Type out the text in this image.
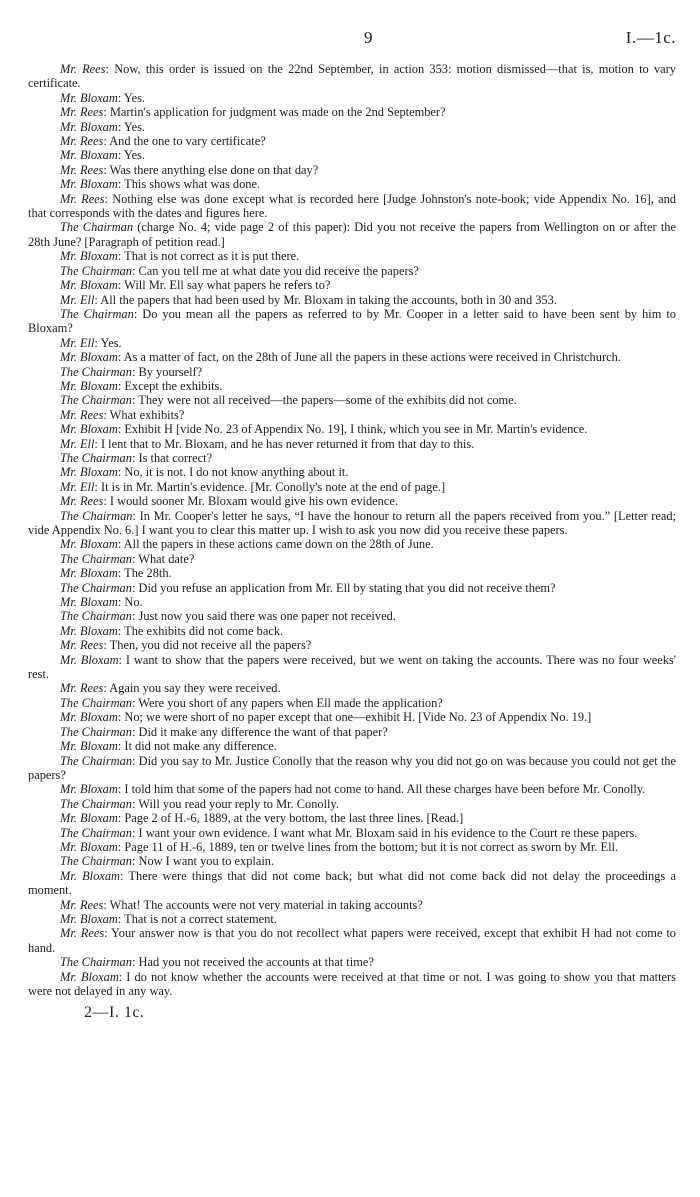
9	I.—1c.

Mr. Rees: Now, this order is issued on the 22nd September, in action 353: motion dismissed—that is, motion to vary certificate.

Mr. Bloxam: Yes.

Mr. Rees: Martin's application for judgment was made on the 2nd September?

Mr. Bloxam: Yes.

Mr. Rees: And the one to vary certificate?

Mr. Bloxam: Yes.

Mr. Rees: Was there anything else done on that day?

Mr. Bloxam: This shows what was done.

Mr. Rees: Nothing else was done except what is recorded here [Judge Johnston's note-book; vide Appendix No. 16], and that corresponds with the dates and figures here.

The Chairman (charge No. 4; vide page 2 of this paper): Did you not receive the papers from Wellington on or after the 28th June? [Paragraph of petition read.]

Mr. Bloxam: That is not correct as it is put there.

The Chairman: Can you tell me at what date you did receive the papers?

Mr. Bloxam: Will Mr. Ell say what papers he refers to?

Mr. Ell: All the papers that had been used by Mr. Bloxam in taking the accounts, both in 30 and 353.

The Chairman: Do you mean all the papers as referred to by Mr. Cooper in a letter said to have been sent by him to Bloxam?

Mr. Ell: Yes.

Mr. Bloxam: As a matter of fact, on the 28th of June all the papers in these actions were received in Christchurch.

The Chairman: By yourself?

Mr. Bloxam: Except the exhibits.

The Chairman: They were not all received—the papers—some of the exhibits did not come.

Mr. Rees: What exhibits?

Mr. Bloxam: Exhibit H [vide No. 23 of Appendix No. 19], I think, which you see in Mr. Martin's evidence.

Mr. Ell: I lent that to Mr. Bloxam, and he has never returned it from that day to this.

The Chairman: Is that correct?

Mr. Bloxam: No, it is not. I do not know anything about it.

Mr. Ell: It is in Mr. Martin's evidence. [Mr. Conolly's note at the end of page.]

Mr. Rees: I would sooner Mr. Bloxam would give his own evidence.

The Chairman: In Mr. Cooper's letter he says, “I have the honour to return all the papers received from you.” [Letter read; vide Appendix No. 6.] I want you to clear this matter up. I wish to ask you now did you receive these papers.

Mr. Bloxam: All the papers in these actions came down on the 28th of June.

The Chairman: What date?

Mr. Bloxam: The 28th.

The Chairman: Did you refuse an application from Mr. Ell by stating that you did not receive them?

Mr. Bloxam: No.

The Chairman: Just now you said there was one paper not received.

Mr. Bloxam: The exhibits did not come back.

Mr. Rees: Then, you did not receive all the papers?

Mr. Bloxam: I want to show that the papers were received, but we went on taking the accounts. There was no four weeks' rest.

Mr. Rees: Again you say they were received.

The Chairman: Were you short of any papers when Ell made the application?

Mr. Bloxam: No; we were short of no paper except that one—exhibit H. [Vide No. 23 of Appendix No. 19.]

The Chairman: Did it make any difference the want of that paper?

Mr. Bloxam: It did not make any difference.

The Chairman: Did you say to Mr. Justice Conolly that the reason why you did not go on was because you could not get the papers?

Mr. Bloxam: I told him that some of the papers had not come to hand. All these charges have been before Mr. Conolly.

The Chairman: Will you read your reply to Mr. Conolly.

Mr. Bloxam: Page 2 of H.-6, 1889, at the very bottom, the last three lines. [Read.]

The Chairman: I want your own evidence. I want what Mr. Bloxam said in his evidence to the Court re these papers.

Mr. Bloxam: Page 11 of H.-6, 1889, ten or twelve lines from the bottom; but it is not correct as sworn by Mr. Ell.

The Chairman: Now I want you to explain.

Mr. Bloxam: There were things that did not come back; but what did not come back did not delay the proceedings a moment.

Mr. Rees: What! The accounts were not very material in taking accounts?

Mr. Bloxam: That is not a correct statement.

Mr. Rees: Your answer now is that you do not recollect what papers were received, except that exhibit H had not come to hand.

The Chairman: Had you not received the accounts at that time?

Mr. Bloxam: I do not know whether the accounts were received at that time or not. I was going to show you that matters were not delayed in any way.

2—I. 1c.
